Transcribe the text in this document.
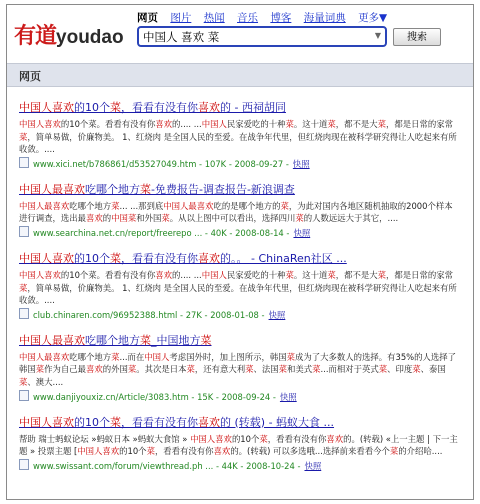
有道youdao
网页 图片 热闻 音乐 博客 海量词典 更多▼
中国人 喜欢 菜
▼	搜索
网页
中国人喜欢的10个菜，看看有没有你喜欢的 - 西祠胡同
中国人喜欢的10个菜。看看有没有你喜欢的.... ...中国人民家爱吃的十种菜。这十道菜，都不是大菜，都是日常的家常菜，简单易做，价廉物美。 1、红烧肉 是全国人民的至爱。在战争年代里，但红烧肉现在被科学研究得让人吃起来有所收敛。....
www.xici.net/b786861/d53527049.htm - 107K - 2008-09-27 - 快照
中国人最喜欢吃哪个地方菜-免费报告-调查报告-新浪调查
中国人最喜欢吃哪个地方菜... ...那到底中国人最喜欢吃的是哪个地方的菜，为此对国内各地区随机抽取的2000个样本进行调查，选出最喜欢的中国菜和外国菜。从以上图中可以看出，选择四川菜的人数远远大于其它，....
www.searchina.net.cn/report/freerepo ... - 40K - 2008-08-14 - 快照
中国人喜欢的10个菜，看看有没有你喜欢的。。 - ChinaRen社区 ...
中国人喜欢的10个菜。看看有没有你喜欢的.... ...中国人民家爱吃的十种菜。这十道菜，都不是大菜，都是日常的家常菜，简单易做，价廉物美。 1、红烧肉 是全国人民的至爱。在战争年代里，但红烧肉现在被科学研究得让人吃起来有所收敛。....
club.chinaren.com/96952388.html - 27K - 2008-01-08 - 快照
中国人最喜欢吃哪个地方菜_中国地方菜
中国人最喜欢吃哪个地方菜...而在中国人考虑国外时，加上图所示，韩国菜成为了大多数人的选择。有35%的人选择了韩国菜作为自己最喜欢的外国菜。其次是日本菜，还有意大利菜、法国菜和美式菜...而相对于英式菜、印度菜、泰国菜、澳大....
www.danjiyouxiz.cn/Article/3083.htm - 15K - 2008-09-24 - 快照
中国人喜欢的10个菜，看看有没有你喜欢的 (转载) - 蚂蚁大食 ...
帮助 瑞士蚂蚁论坛 »蚂蚁日本 »蚂蚁大食馆 » 中国人喜欢的10个菜，看看有没有你喜欢的。(转载) «上一主题 | 下一主题 » 投票主题 [中国人喜欢的10个菜，看看有没有你喜欢的。(转载) 可以多选哦...选择前来看看今个菜的介绍哈....
www.swissant.com/forum/viewthread.ph ... - 44K - 2008-10-24 - 快照
